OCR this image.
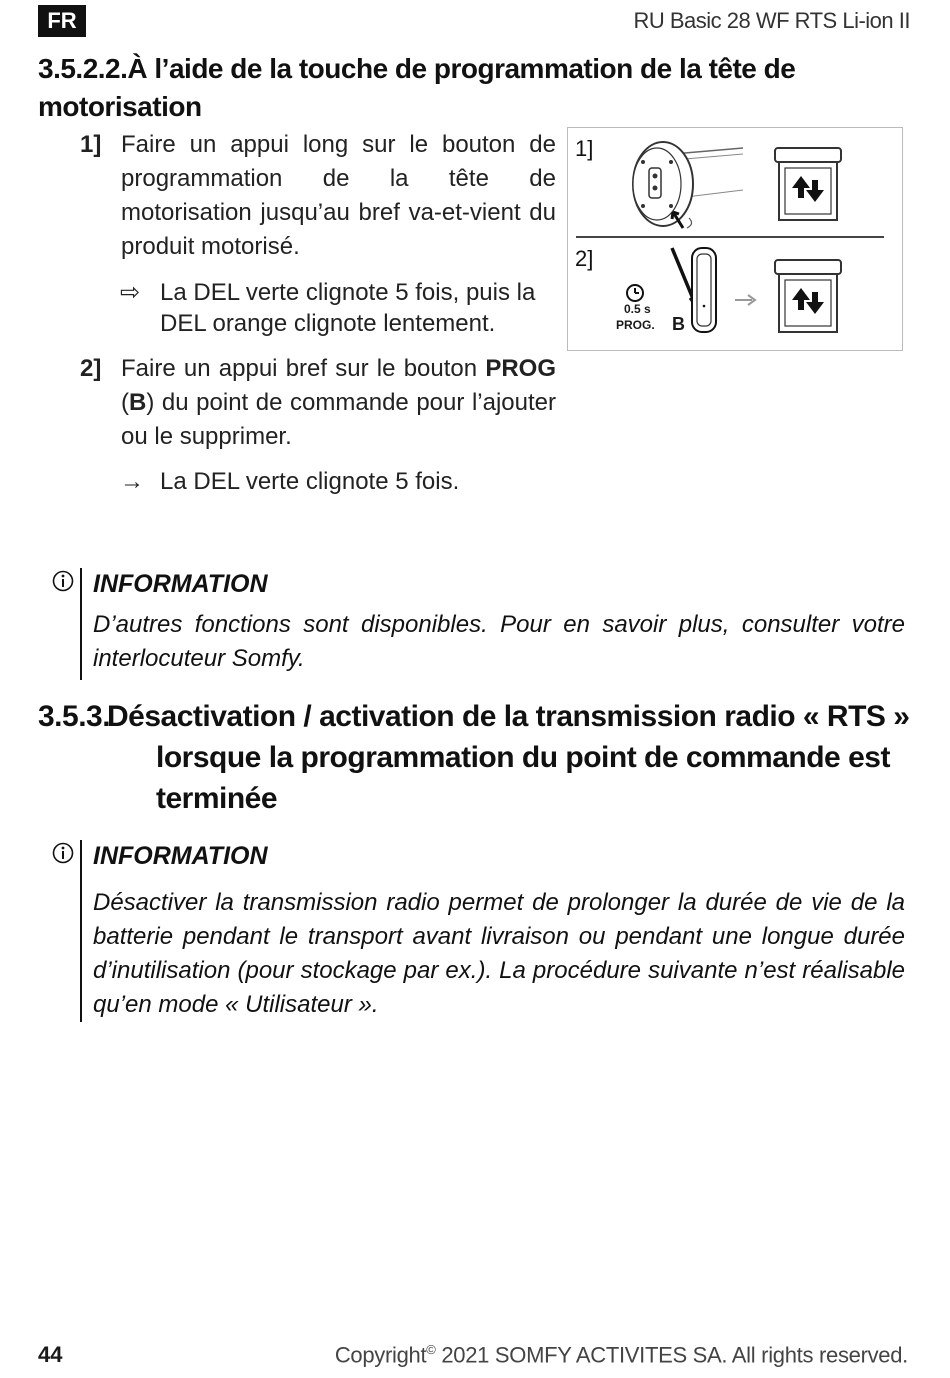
FR	RU Basic 28 WF RTS Li-ion II
3.5.2.2.À l’aide de la touche de programmation de la tête de motorisation
1] Faire un appui long sur le bouton de programmation de la tête de motorisation jusqu’au bref va-et-vient du produit motorisé.
⇨ La DEL verte clignote 5 fois, puis la DEL orange clignote lentement.
2] Faire un appui bref sur le bouton PROG (B) du point de commande pour l’ajouter ou le supprimer.
→ La DEL verte clignote 5 fois.
1]
2]
0.5 s
PROG. B
INFORMATION
D’autres fonctions sont disponibles. Pour en savoir plus, consulter votre interlocuteur Somfy.
3.5.3.
Désactivation / activation de la transmission radio « RTS »
lorsque la programmation du point de commande est terminée
INFORMATION
Désactiver la transmission radio permet de prolonger la durée de vie de la batterie pendant le transport avant livraison ou pendant une longue durée d’inutilisation (pour stockage par ex.). La procédure suivante n’est réalisable qu’en mode « Utilisateur ».
44	Copyright© 2021 SOMFY ACTIVITES SA. All rights reserved.
